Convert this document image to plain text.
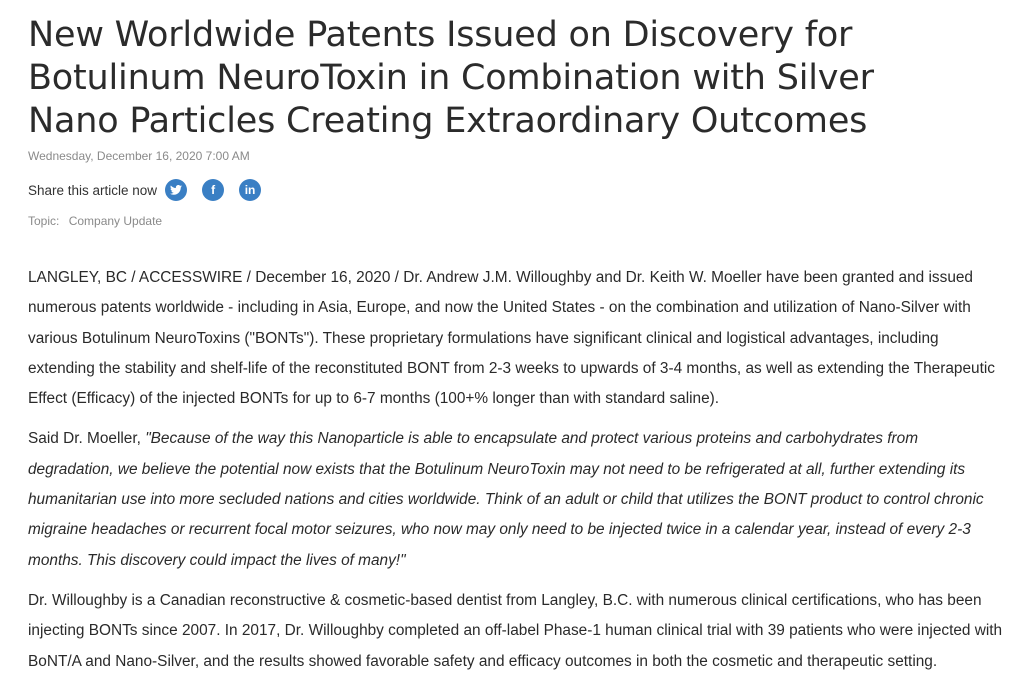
New Worldwide Patents Issued on Discovery for Botulinum NeuroToxin in Combination with Silver Nano Particles Creating Extraordinary Outcomes
Wednesday, December 16, 2020 7:00 AM
Share this article now	f in
Topic: Company Update

LANGLEY, BC / ACCESSWIRE / December 16, 2020 / Dr. Andrew J.M. Willoughby and Dr. Keith W. Moeller have been granted and issued numerous patents worldwide - including in Asia, Europe, and now the United States - on the combination and utilization of Nano-Silver with various Botulinum NeuroToxins ("BONTs"). These proprietary formulations have significant clinical and logistical advantages, including extending the stability and shelf-life of the reconstituted BONT from 2-3 weeks to upwards of 3-4 months, as well as extending the Therapeutic Effect (Efficacy) of the injected BONTs for up to 6-7 months (100+% longer than with standard saline).

Said Dr. Moeller, "Because of the way this Nanoparticle is able to encapsulate and protect various proteins and carbohydrates from degradation, we believe the potential now exists that the Botulinum NeuroToxin may not need to be refrigerated at all, further extending its humanitarian use into more secluded nations and cities worldwide. Think of an adult or child that utilizes the BONT product to control chronic migraine headaches or recurrent focal motor seizures, who now may only need to be injected twice in a calendar year, instead of every 2-3 months. This discovery could impact the lives of many!"

Dr. Willoughby is a Canadian reconstructive & cosmetic-based dentist from Langley, B.C. with numerous clinical certifications, who has been injecting BONTs since 2007. In 2017, Dr. Willoughby completed an off-label Phase-1 human clinical trial with 39 patients who were injected with BoNT/A and Nano-Silver, and the results showed favorable safety and efficacy outcomes in both the cosmetic and therapeutic setting.
